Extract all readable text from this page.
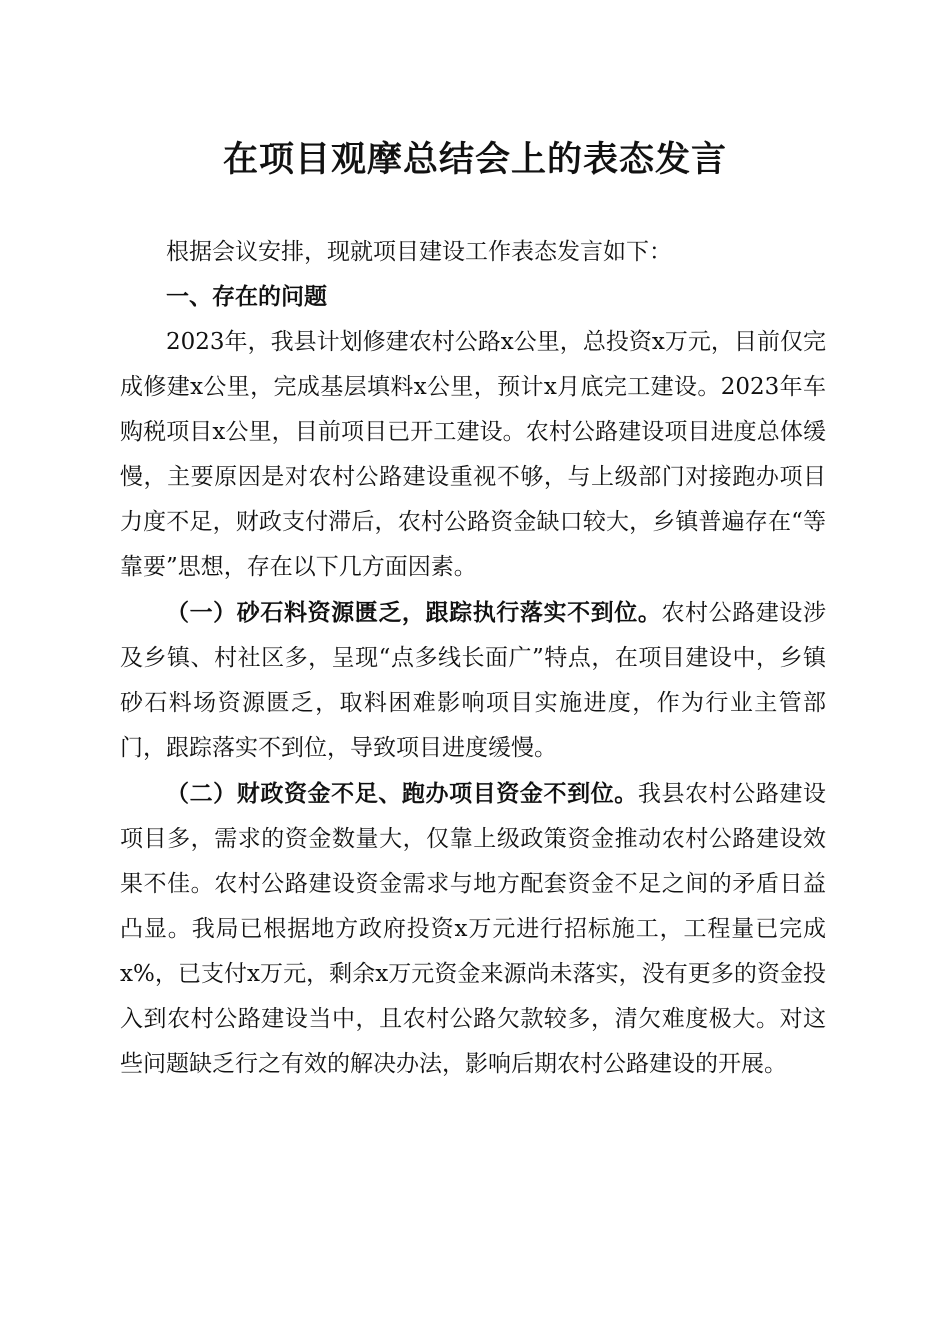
在项目观摩总结会上的表态发言

根据会议安排，现就项目建设工作表态发言如下：

一、存在的问题

2023年，我县计划修建农村公路x公里，总投资x万元，目前仅完成修建x公里，完成基层填料x公里，预计x月底完工建设。2023年车购税项目x公里，目前项目已开工建设。农村公路建设项目进度总体缓慢，主要原因是对农村公路建设重视不够，与上级部门对接跑办项目力度不足，财政支付滞后，农村公路资金缺口较大，乡镇普遍存在“等靠要”思想，存在以下几方面因素。

（一）砂石料资源匮乏，跟踪执行落实不到位。农村公路建设涉及乡镇、村社区多，呈现“点多线长面广”特点，在项目建设中，乡镇砂石料场资源匮乏，取料困难影响项目实施进度，作为行业主管部门，跟踪落实不到位，导致项目进度缓慢。

（二）财政资金不足、跑办项目资金不到位。我县农村公路建设项目多，需求的资金数量大，仅靠上级政策资金推动农村公路建设效果不佳。农村公路建设资金需求与地方配套资金不足之间的矛盾日益凸显。我局已根据地方政府投资x万元进行招标施工，工程量已完成x%，已支付x万元，剩余x万元资金来源尚未落实，没有更多的资金投入到农村公路建设当中，且农村公路欠款较多，清欠难度极大。对这些问题缺乏行之有效的解决办法，影响后期农村公路建设的开展。
